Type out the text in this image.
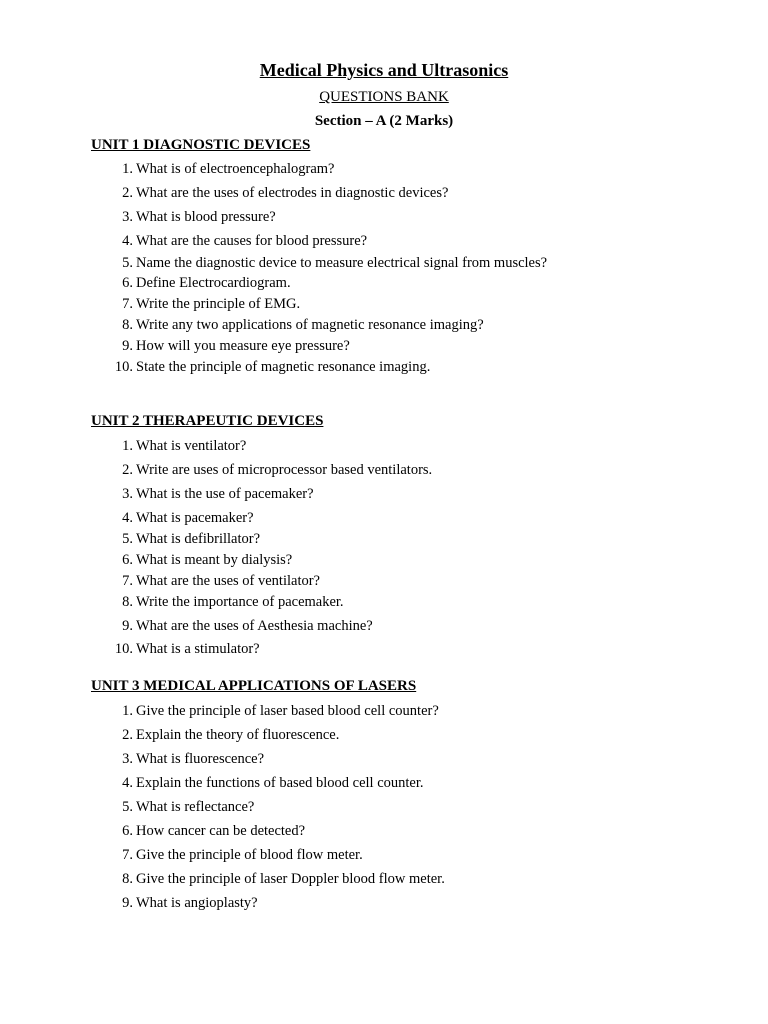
Medical Physics and Ultrasonics
QUESTIONS BANK
Section – A (2 Marks)
UNIT 1 DIAGNOSTIC DEVICES
1. What is of electroencephalogram?
2. What are the uses of electrodes in diagnostic devices?
3. What is blood pressure?
4. What are the causes for blood pressure?
5. Name the diagnostic device to measure electrical signal from muscles?
6. Define Electrocardiogram.
7. Write the principle of EMG.
8. Write any two applications of magnetic resonance imaging?
9. How will you measure eye pressure?
10. State the principle of magnetic resonance imaging.
UNIT 2 THERAPEUTIC DEVICES
1. What is ventilator?
2. Write are uses of microprocessor based ventilators.
3. What is the use of pacemaker?
4. What is pacemaker?
5. What is defibrillator?
6. What is meant by dialysis?
7. What are the uses of ventilator?
8. Write the importance of pacemaker.
9. What are the uses of Aesthesia machine?
10. What is a stimulator?
UNIT 3 MEDICAL APPLICATIONS OF LASERS
1. Give the principle of laser based blood cell counter?
2. Explain the theory of fluorescence.
3. What is fluorescence?
4. Explain the functions of based blood cell counter.
5. What is reflectance?
6. How cancer can be detected?
7. Give the principle of blood flow meter.
8. Give the principle of laser Doppler blood flow meter.
9. What is angioplasty?
